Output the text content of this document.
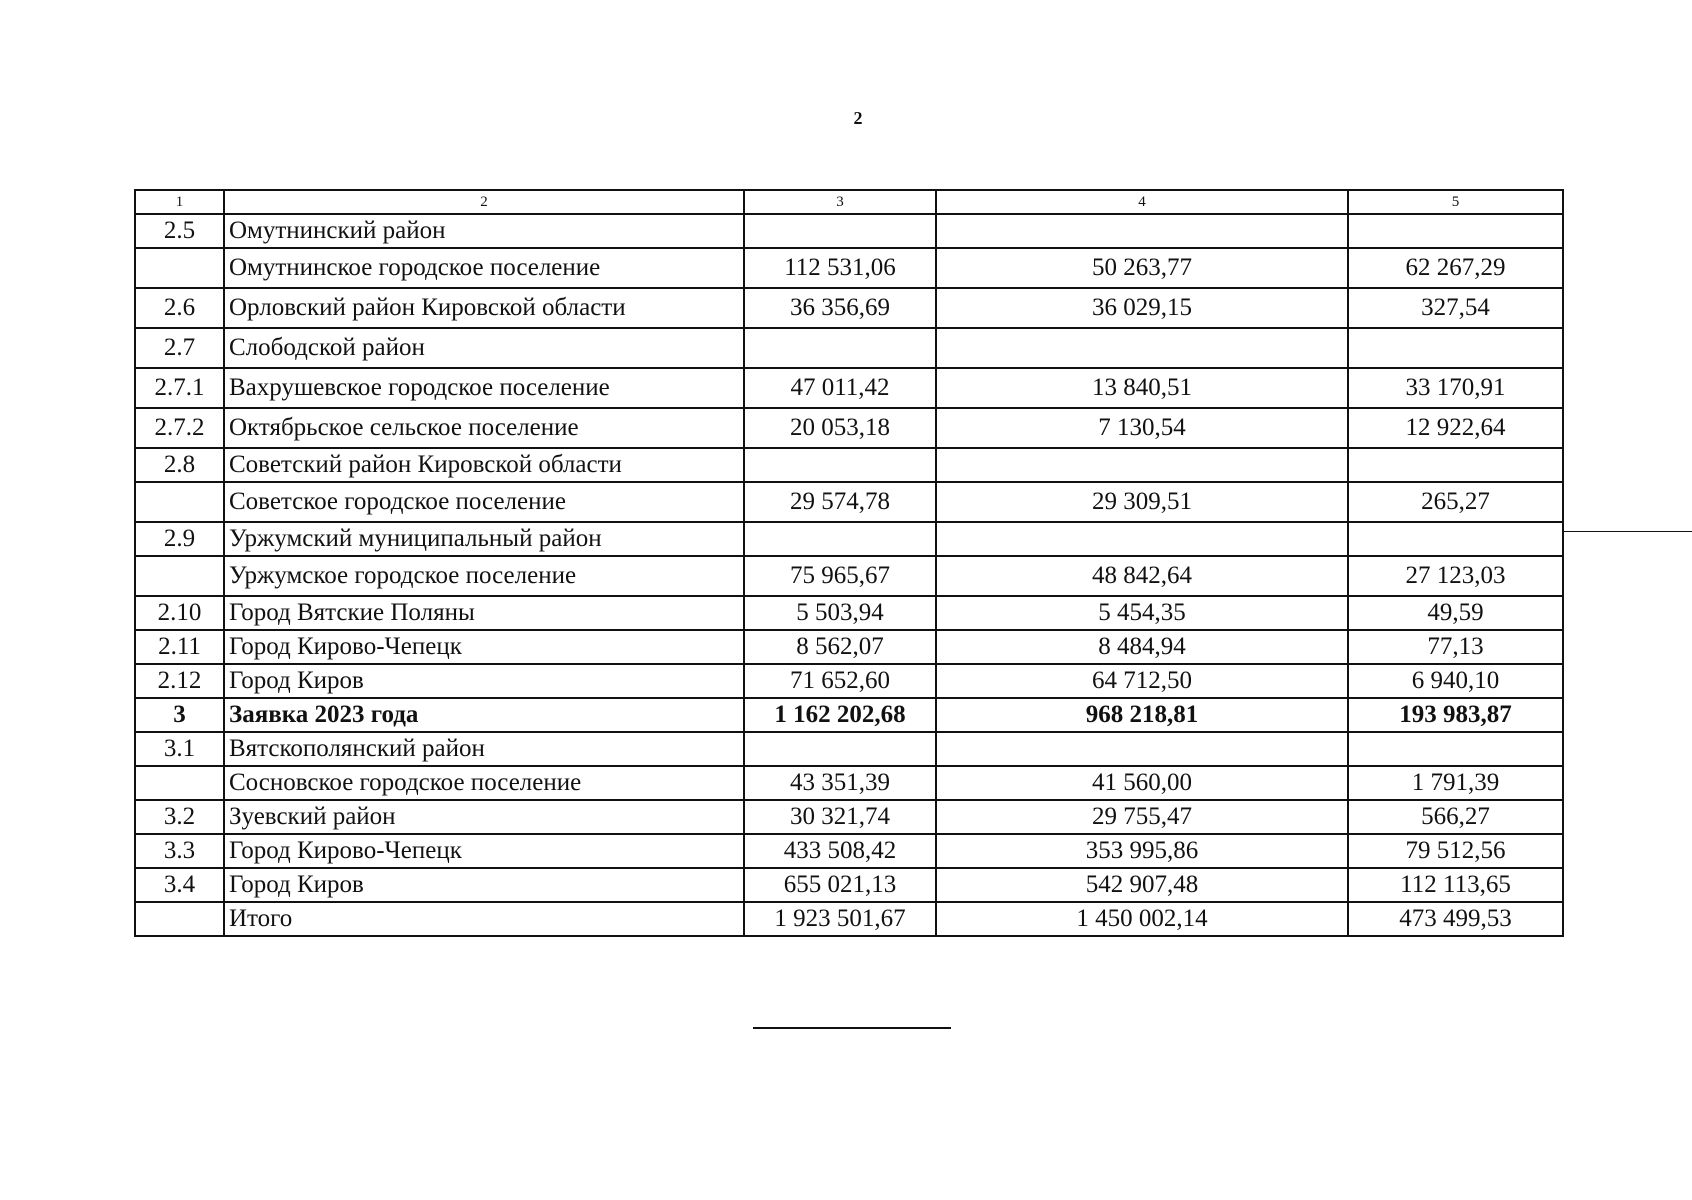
2
1	2	3	4	5
2.5	Омутнинский район			
	Омутнинское городское поселение	112 531,06	50 263,77	62 267,29
2.6	Орловский район Кировской области	36 356,69	36 029,15	327,54
2.7	Слободской район			
2.7.1	Вахрушевское городское поселение	47 011,42	13 840,51	33 170,91
2.7.2	Октябрьское сельское поселение	20 053,18	7 130,54	12 922,64
2.8	Советский район Кировской области			
	Советское городское поселение	29 574,78	29 309,51	265,27
2.9	Уржумский муниципальный район			
	Уржумское городское поселение	75 965,67	48 842,64	27 123,03
2.10	Город Вятские Поляны	5 503,94	5 454,35	49,59
2.11	Город Кирово-Чепецк	8 562,07	8 484,94	77,13
2.12	Город Киров	71 652,60	64 712,50	6 940,10
3	Заявка 2023 года	1 162 202,68	968 218,81	193 983,87
3.1	Вятскополянский район			
	Сосновское городское поселение	43 351,39	41 560,00	1 791,39
3.2	Зуевский район	30 321,74	29 755,47	566,27
3.3	Город Кирово-Чепецк	433 508,42	353 995,86	79 512,56
3.4	Город Киров	655 021,13	542 907,48	112 113,65
	Итого	1 923 501,67	1 450 002,14	473 499,53
